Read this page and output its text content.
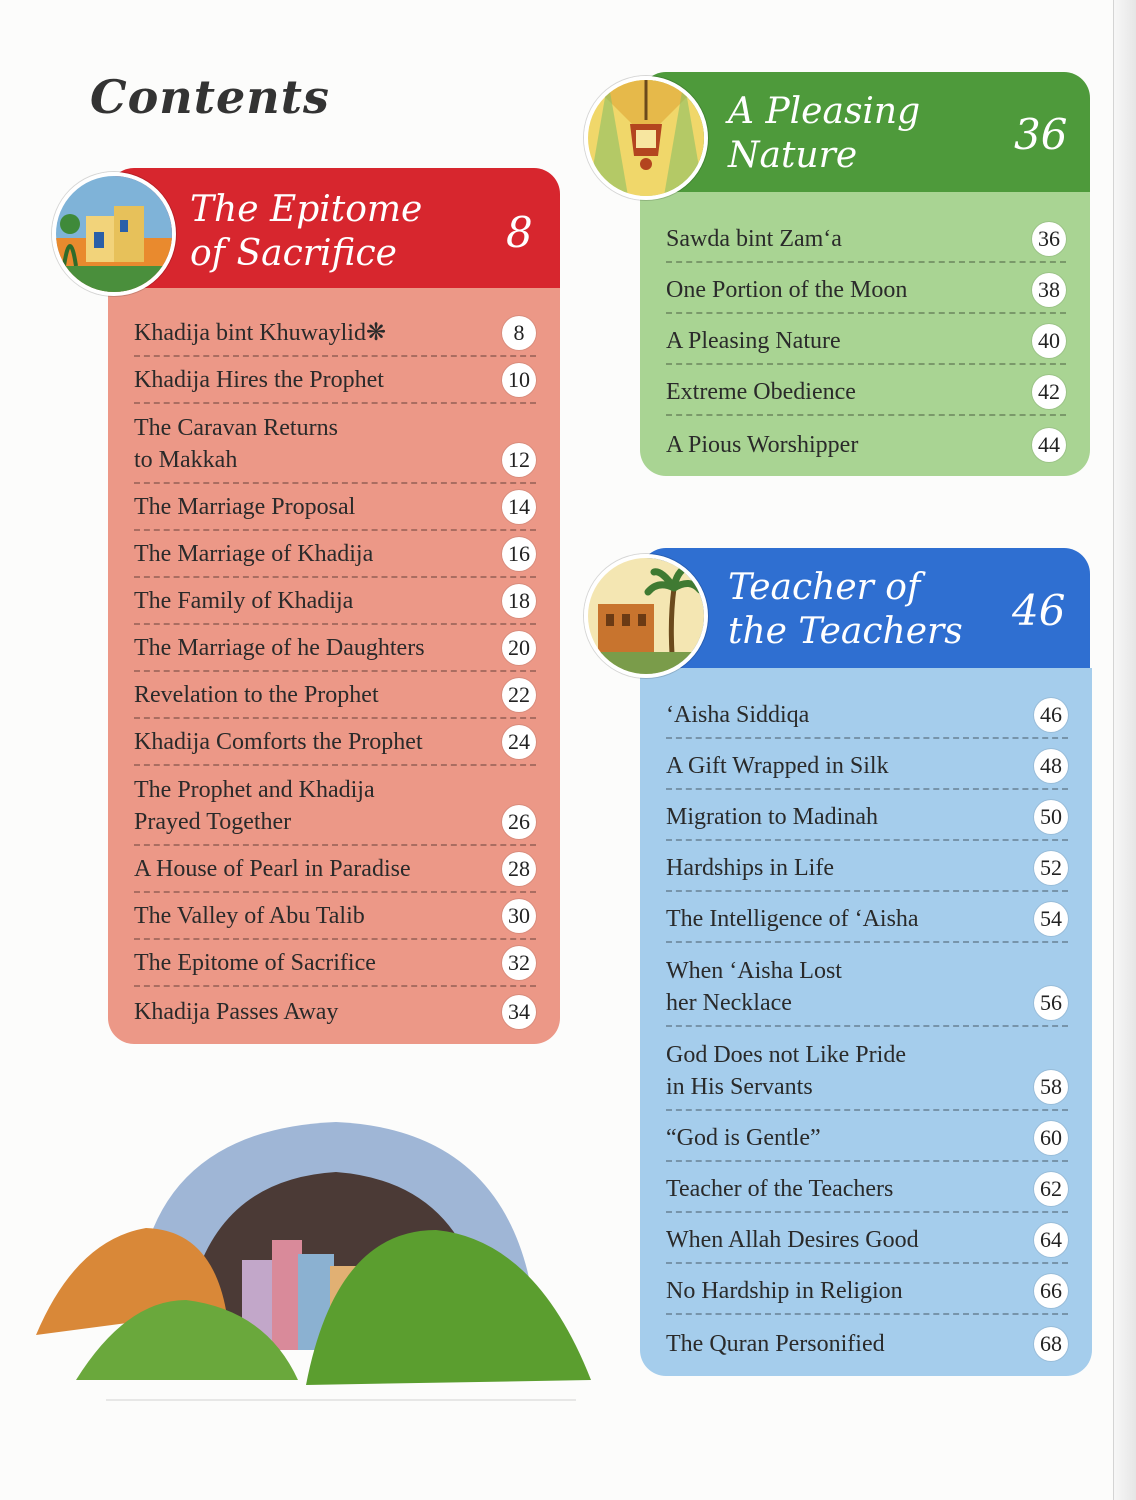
Contents
The Epitome
of Sacrifice	8
Khadija bint Khuwaylid❋	8
Khadija Hires the Prophet	10
The Caravan Returns
to Makkah	12
The Marriage Proposal	14
The Marriage of Khadija	16
The Family of Khadija	18
The Marriage of he Daughters	20
Revelation to the Prophet	22
Khadija Comforts the Prophet	24
The Prophet and Khadija
Prayed Together	26
A House of Pearl in Paradise	28
The Valley of Abu Talib	30
The Epitome of Sacrifice	32
Khadija Passes Away	34
A Pleasing
Nature	36
Sawda bint Zam‘a	36
One Portion of the Moon	38
A Pleasing Nature	40
Extreme Obedience	42
A Pious Worshipper	44
Teacher of
the Teachers 46
‘Aisha Siddiqa	46
A Gift Wrapped in Silk	48
Migration to Madinah	50
Hardships in Life	52
The Intelligence of ‘Aisha	54
When ‘Aisha Lost
her Necklace	56
God Does not Like Pride
in His Servants	58
“God is Gentle”	60
Teacher of the Teachers	62
When Allah Desires Good	64
No Hardship in Religion	66
The Quran Personified	68
